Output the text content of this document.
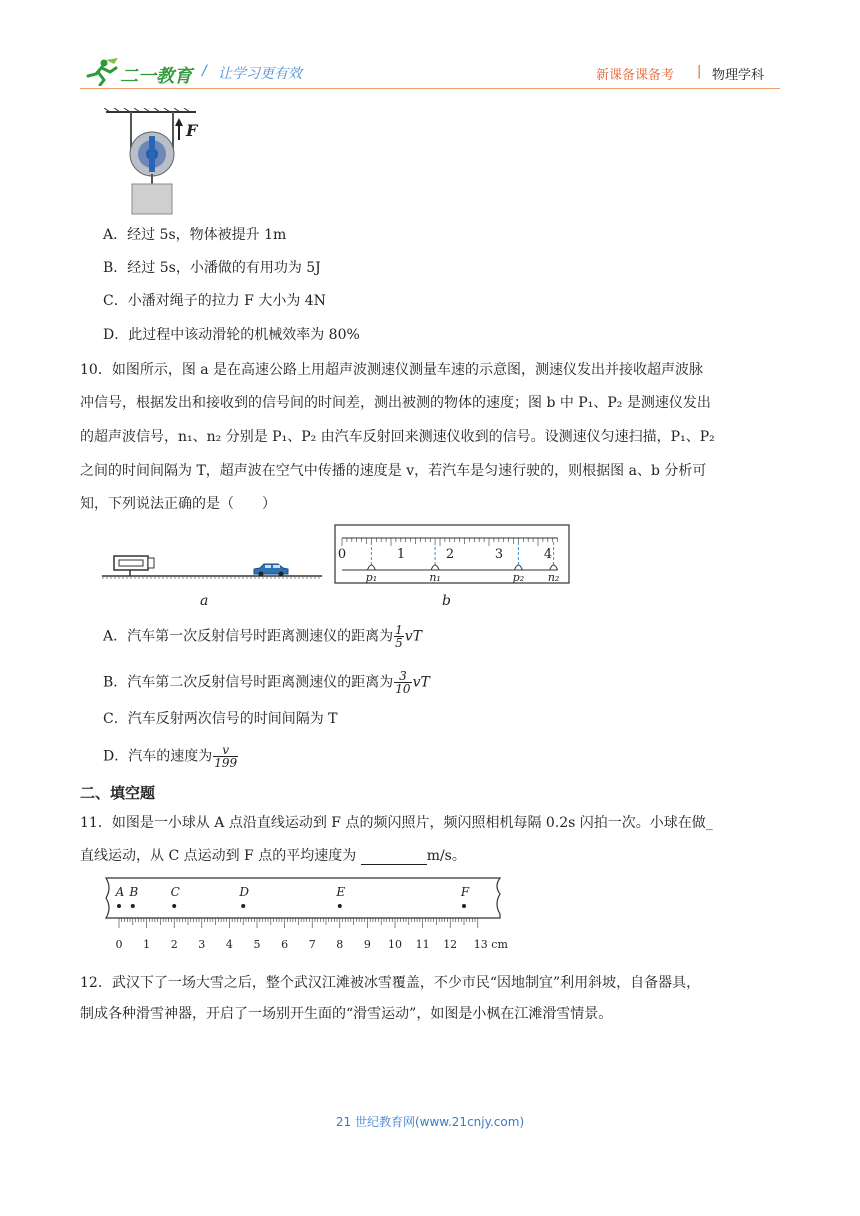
二一教育 / 让学习更有效	新课备课备考 | 物理学科
F
A．经过 5s，物体被提升 1m
B．经过 5s，小潘做的有用功为 5J
C．小潘对绳子的拉力 F 大小为 4N
D．此过程中该动滑轮的机械效率为 80%
10．如图所示，图 a 是在高速公路上用超声波测速仪测量车速的示意图，测速仪发出并接收超声波脉
冲信号，根据发出和接收到的信号间的时间差，测出被测的物体的速度；图 b 中 P₁、P₂ 是测速仪发出
的超声波信号，n₁、n₂ 分别是 P₁、P₂ 由汽车反射回来测速仪收到的信号。设测速仪匀速扫描，P₁、P₂
之间的时间间隔为 T，超声波在空气中传播的速度是 v，若汽车是匀速行驶的，则根据图 a、b 分析可
知，下列说法正确的是（　　）
a
0	1	2	3	4
p₁	n₁	p₂ n₂
b
A．汽车第一次反射信号时距离测速仪的距离为 $\frac{1}{5}$ vT
B．汽车第二次反射信号时距离测速仪的距离为 $\frac{3}{10}$ vT
C．汽车反射两次信号的时间间隔为 T
D．汽车的速度为 $\frac{v}{199}$
二、填空题
11．如图是一小球从 A 点沿直线运动到 F 点的频闪照片，频闪照相机每隔 0.2s 闪拍一次。小球在做_
直线运动，从 C 点运动到 F 点的平均速度为	m/s。
0 1 2 3 4 5 6 7 8 9 10 11 12 13 cm
A B	C	D	E	F
12．武汉下了一场大雪之后，整个武汉江滩被冰雪覆盖，不少市民“因地制宜”利用斜坡，自备器具，
制成各种滑雪神器，开启了一场别开生面的“滑雪运动”，如图是小枫在江滩滑雪情景。
21 世纪教育网(www.21cnjy.com)
